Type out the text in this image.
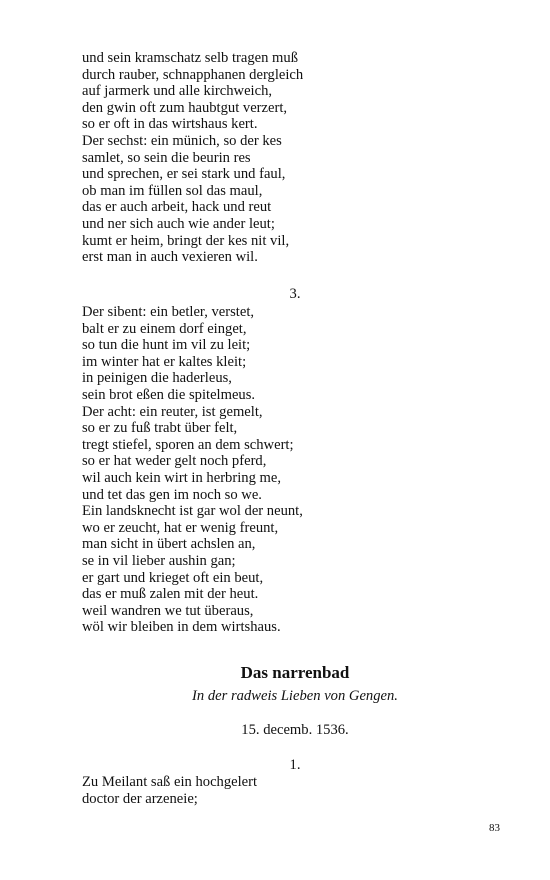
und sein kramschatz selb tragen muß
durch rauber, schnapphanen dergleich
auf jarmerk und alle kirchweich,
den gwin oft zum haubtgut verzert,
so er oft in das wirtshaus kert.
Der sechst: ein münich, so der kes
samlet, so sein die beurin res
und sprechen, er sei stark und faul,
ob man im füllen sol das maul,
das er auch arbeit, hack und reut
und ner sich auch wie ander leut;
kumt er heim, bringt der kes nit vil,
erst man in auch vexieren wil.
3.
Der sibent: ein betler, verstet,
balt er zu einem dorf einget,
so tun die hunt im vil zu leit;
im winter hat er kaltes kleit;
in peinigen die haderleus,
sein brot eßen die spitelmeus.
Der acht: ein reuter, ist gemelt,
so er zu fuß trabt über felt,
tregt stiefel, sporen an dem schwert;
so er hat weder gelt noch pferd,
wil auch kein wirt in herbring me,
und tet das gen im noch so we.
Ein landsknecht ist gar wol der neunt,
wo er zeucht, hat er wenig freunt,
man sicht in übert achslen an,
se in vil lieber aushin gan;
er gart und krieget oft ein beut,
das er muß zalen mit der heut.
weil wandren we tut überaus,
wöl wir bleiben in dem wirtshaus.
Das narrenbad
In der radweis Lieben von Gengen.
15. decemb. 1536.
1.
Zu Meilant saß ein hochgelert
doctor der arzeneie;
83
